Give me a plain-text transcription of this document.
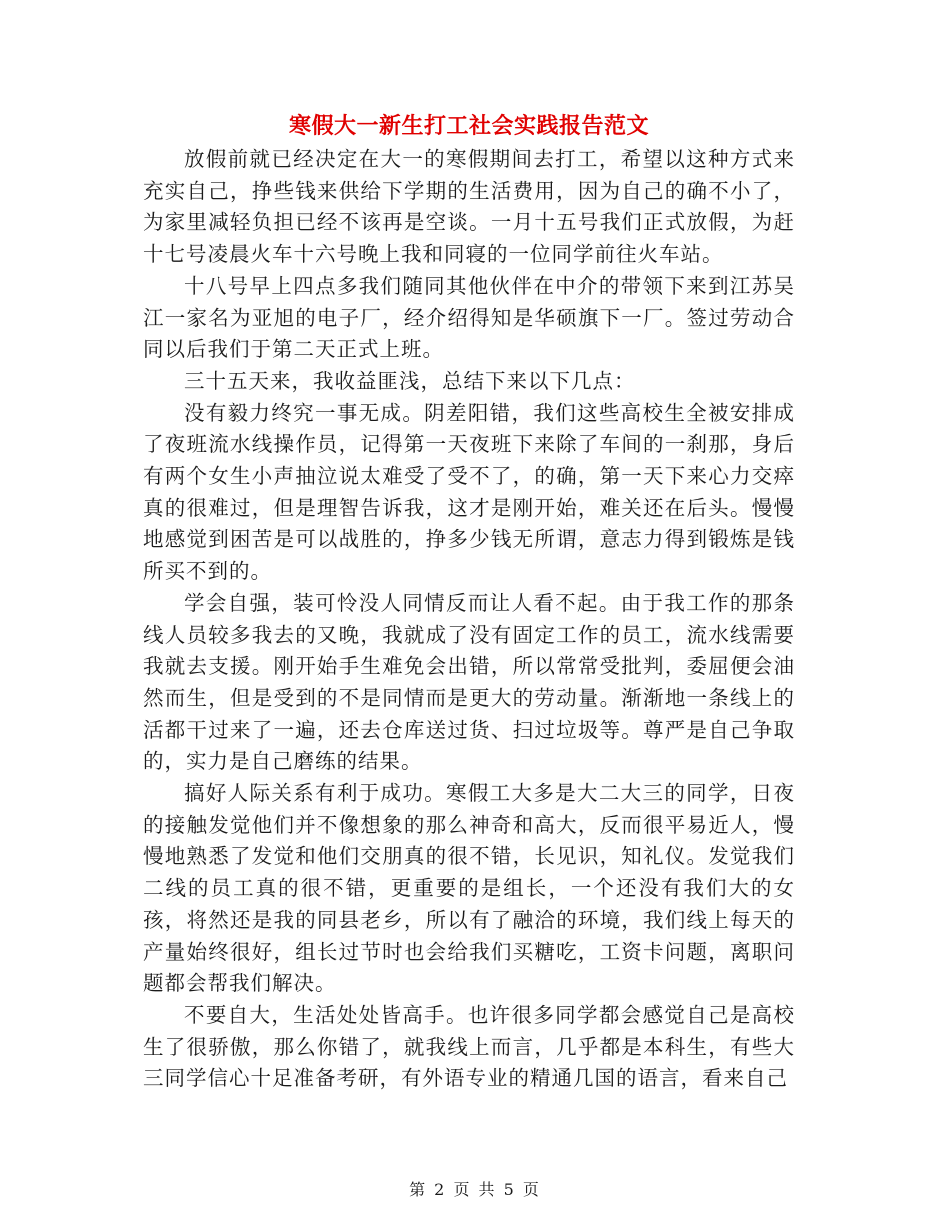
寒假大一新生打工社会实践报告范文

放假前就已经决定在大一的寒假期间去打工，希望以这种方式来充实自己，挣些钱来供给下学期的生活费用，因为自己的确不小了，为家里减轻负担已经不该再是空谈。一月十五号我们正式放假，为赶十七号凌晨火车十六号晚上我和同寝的一位同学前往火车站。

十八号早上四点多我们随同其他伙伴在中介的带领下来到江苏吴江一家名为亚旭的电子厂，经介绍得知是华硕旗下一厂。签过劳动合同以后我们于第二天正式上班。

三十五天来，我收益匪浅，总结下来以下几点：

没有毅力终究一事无成。阴差阳错，我们这些高校生全被安排成了夜班流水线操作员，记得第一天夜班下来除了车间的一刹那，身后有两个女生小声抽泣说太难受了受不了，的确，第一天下来心力交瘁真的很难过，但是理智告诉我，这才是刚开始，难关还在后头。慢慢地感觉到困苦是可以战胜的，挣多少钱无所谓，意志力得到锻炼是钱所买不到的。

学会自强，装可怜没人同情反而让人看不起。由于我工作的那条线人员较多我去的又晚，我就成了没有固定工作的员工，流水线需要我就去支援。刚开始手生难免会出错，所以常常受批判，委屈便会油然而生，但是受到的不是同情而是更大的劳动量。渐渐地一条线上的活都干过来了一遍，还去仓库送过货、扫过垃圾等。尊严是自己争取的，实力是自己磨练的结果。

搞好人际关系有利于成功。寒假工大多是大二大三的同学，日夜的接触发觉他们并不像想象的那么神奇和高大，反而很平易近人，慢慢地熟悉了发觉和他们交朋真的很不错，长见识，知礼仪。发觉我们二线的员工真的很不错，更重要的是组长，一个还没有我们大的女孩，将然还是我的同县老乡，所以有了融洽的环境，我们线上每天的产量始终很好，组长过节时也会给我们买糖吃，工资卡问题，离职问题都会帮我们解决。

不要自大，生活处处皆高手。也许很多同学都会感觉自己是高校生了很骄傲，那么你错了，就我线上而言，几乎都是本科生，有些大三同学信心十足准备考研，有外语专业的精通几国的语言，看来自己

第 2 页 共 5 页
